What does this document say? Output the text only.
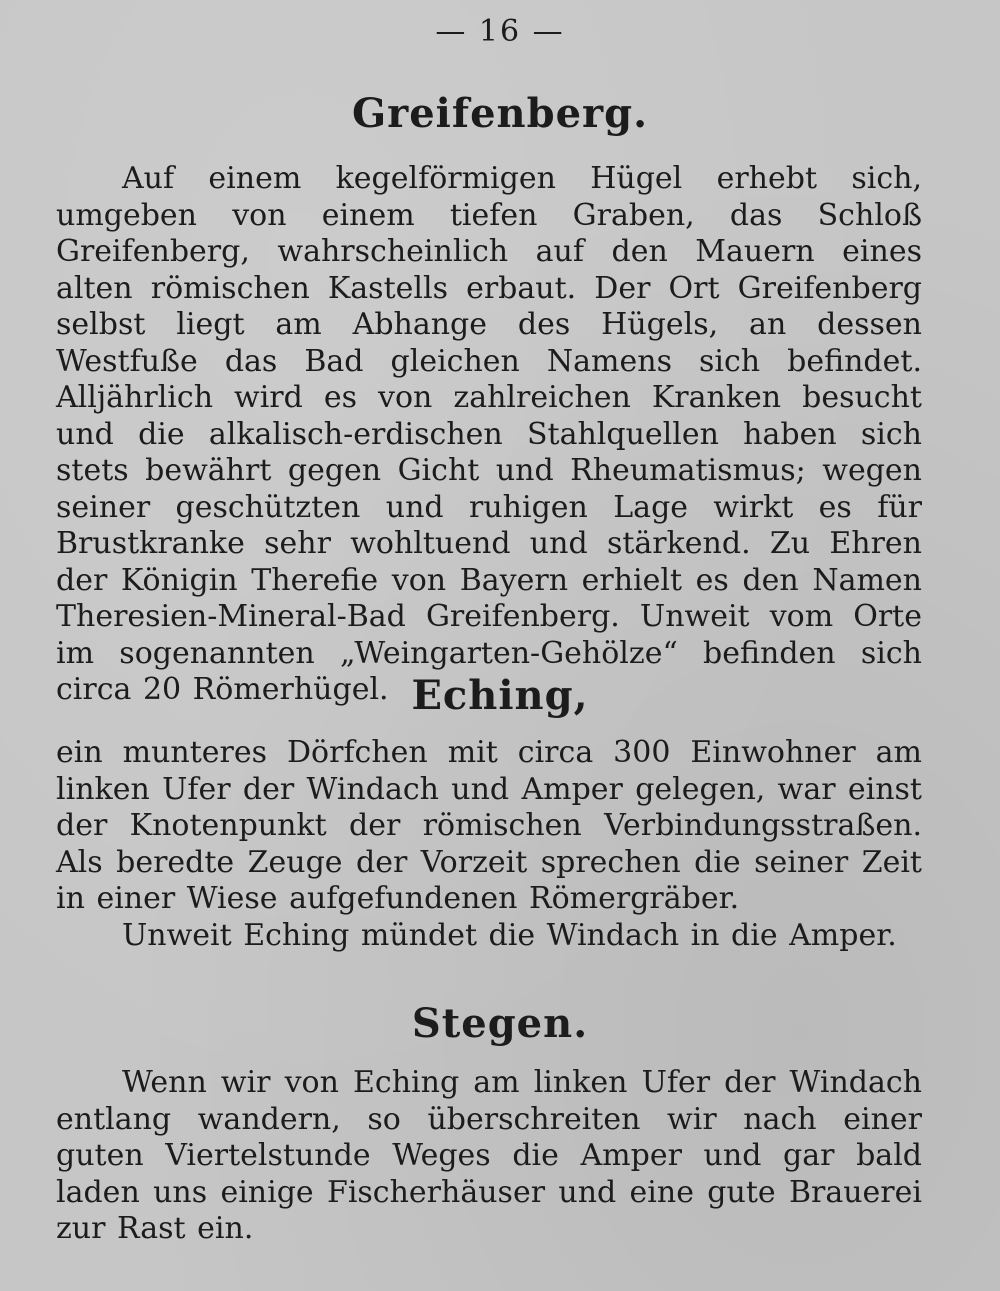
— 16 —
Greifenberg.
Auf einem kegelförmigen Hügel erhebt sich, umgeben von einem tiefen Graben, das Schloß Greifenberg, wahrscheinlich auf den Mauern eines alten römischen Kastells erbaut. Der Ort Greifenberg selbst liegt am Abhange des Hügels, an dessen Westfuße das Bad gleichen Namens sich befindet. Alljährlich wird es von zahlreichen Kranken besucht und die alkalisch-erdischen Stahlquellen haben sich stets bewährt gegen Gicht und Rheumatismus; wegen seiner geschützten und ruhigen Lage wirkt es für Brustkranke sehr wohltuend und stärkend. Zu Ehren der Königin Therefie von Bayern erhielt es den Namen Theresien-Mineral-Bad Greifenberg. Unweit vom Orte im sogenannten „Weingarten-Gehölze“ befinden sich circa 20 Römerhügel. Eching,
ein munteres Dörfchen mit circa 300 Einwohner am linken Ufer der Windach und Amper gelegen, war einst der Knotenpunkt der römischen Verbindungsstraßen. Als beredte Zeuge der Vorzeit sprechen die seiner Zeit in einer Wiese aufgefundenen Römergräber.
Unweit Eching mündet die Windach in die Amper.
Stegen.
Wenn wir von Eching am linken Ufer der Windach entlang wandern, so überschreiten wir nach einer guten Viertelstunde Weges die Amper und gar bald laden uns einige Fischerhäuser und eine gute Brauerei zur Rast ein.
